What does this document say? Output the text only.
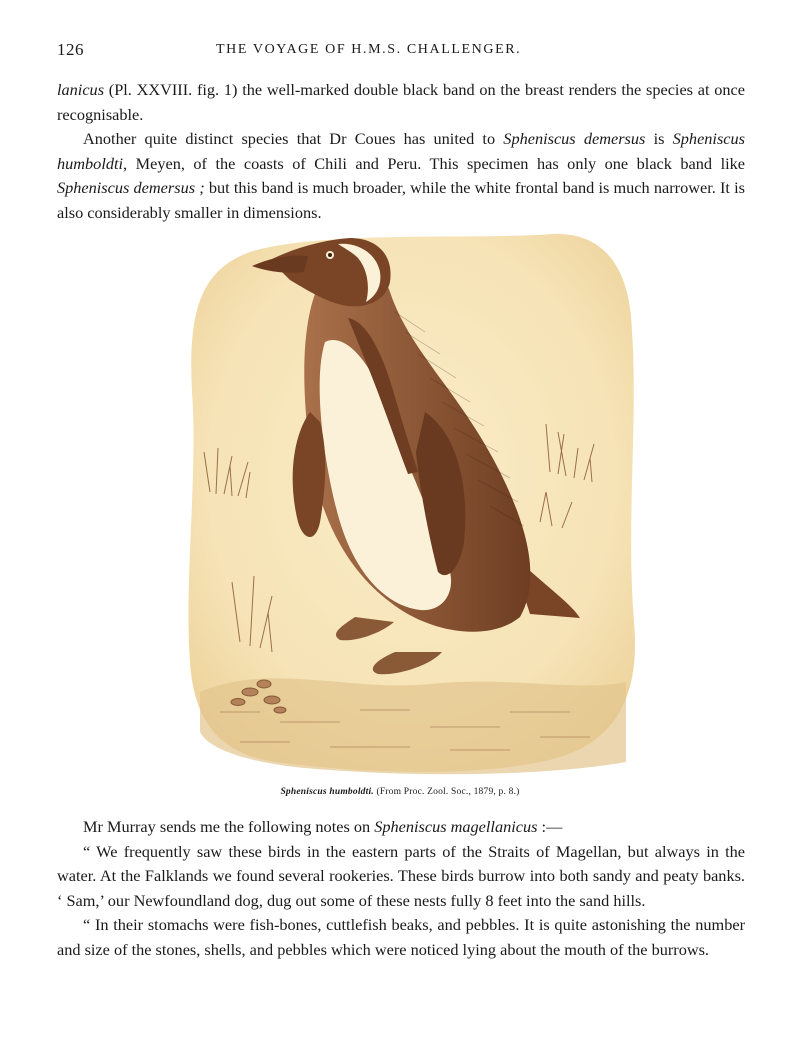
126	THE VOYAGE OF H.M.S. CHALLENGER.

lanicus (Pl. XXVIII. fig. 1) the well-marked double black band on the breast renders the species at once recognisable.

Another quite distinct species that Dr Coues has united to Spheniscus demersus is Spheniscus humboldti, Meyen, of the coasts of Chili and Peru. This specimen has only one black band like Spheniscus demersus ; but this band is much broader, while the white frontal band is much narrower. It is also considerably smaller in dimensions.

Spheniscus humboldti. (From Proc. Zool. Soc., 1879, p. 8.)

Mr Murray sends me the following notes on Spheniscus magellanicus :—

“ We frequently saw these birds in the eastern parts of the Straits of Magellan, but always in the water. At the Falklands we found several rookeries. These birds burrow into both sandy and peaty banks. ‘ Sam,’ our Newfoundland dog, dug out some of these nests fully 8 feet into the sand hills.

“ In their stomachs were fish-bones, cuttlefish beaks, and pebbles. It is quite astonishing the number and size of the stones, shells, and pebbles which were noticed lying about the mouth of the burrows.
